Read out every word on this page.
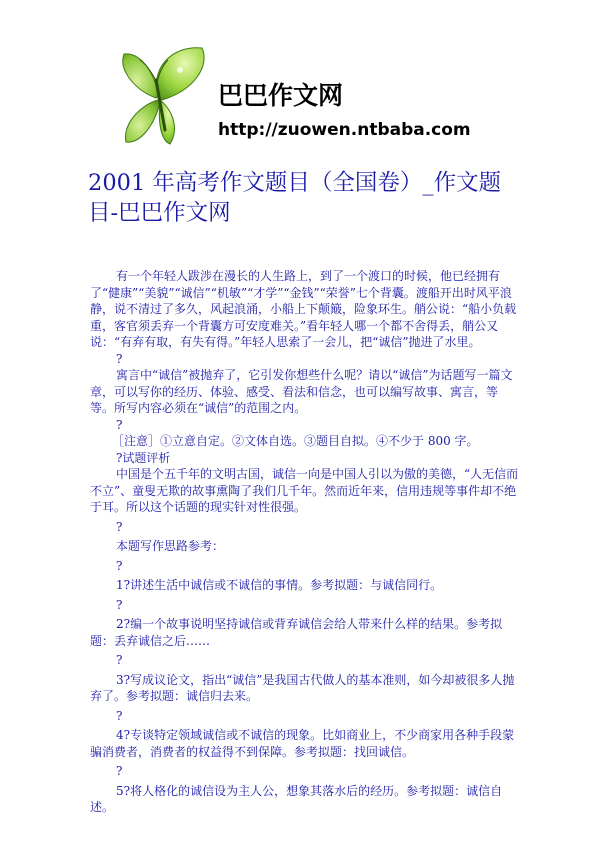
巴巴作文网
http://zuowen.ntbaba.com
2001 年高考作文题目（全国卷）_作文题目-巴巴作文网

有一个年轻人跋涉在漫长的人生路上，到了一个渡口的时候，他已经拥有了“健康”“美貌”“诚信”“机敏”“才学”“金钱”“荣誉”七个背囊。渡船开出时风平浪静，说不清过了多久，风起浪涌，小船上下颠簸，险象环生。艄公说：“船小负载重，客官须丢弃一个背囊方可安度难关。”看年轻人哪一个都不舍得丢，艄公又说：“有弃有取，有失有得。”年轻人思索了一会儿，把“诚信”抛进了水里。

?

寓言中“诚信”被抛弃了，它引发你想些什么呢？请以“诚信”为话题写一篇文章，可以写你的经历、体验、感受、看法和信念，也可以编写故事、寓言，等等。所写内容必须在“诚信”的范围之内。

?

［注意］①立意自定。②文体自选。③题目自拟。④不少于 800 字。

?试题评析

中国是个五千年的文明古国，诚信一向是中国人引以为傲的美德，“人无信而不立”、童叟无欺的故事熏陶了我们几千年。然而近年来，信用违规等事件却不绝于耳。所以这个话题的现实针对性很强。

?

本题写作思路参考：

?

1?讲述生活中诚信或不诚信的事情。参考拟题：与诚信同行。

?

2?编一个故事说明坚持诚信或背弃诚信会给人带来什么样的结果。参考拟题：丢弃诚信之后……

?

3?写成议论文，指出“诚信”是我国古代做人的基本准则，如今却被很多人抛弃了。参考拟题：诚信归去来。

?

4?专谈特定领域诚信或不诚信的现象。比如商业上，不少商家用各种手段蒙骗消费者，消费者的权益得不到保障。参考拟题：找回诚信。

?

5?将人格化的诚信设为主人公，想象其落水后的经历。参考拟题：诚信自述。
